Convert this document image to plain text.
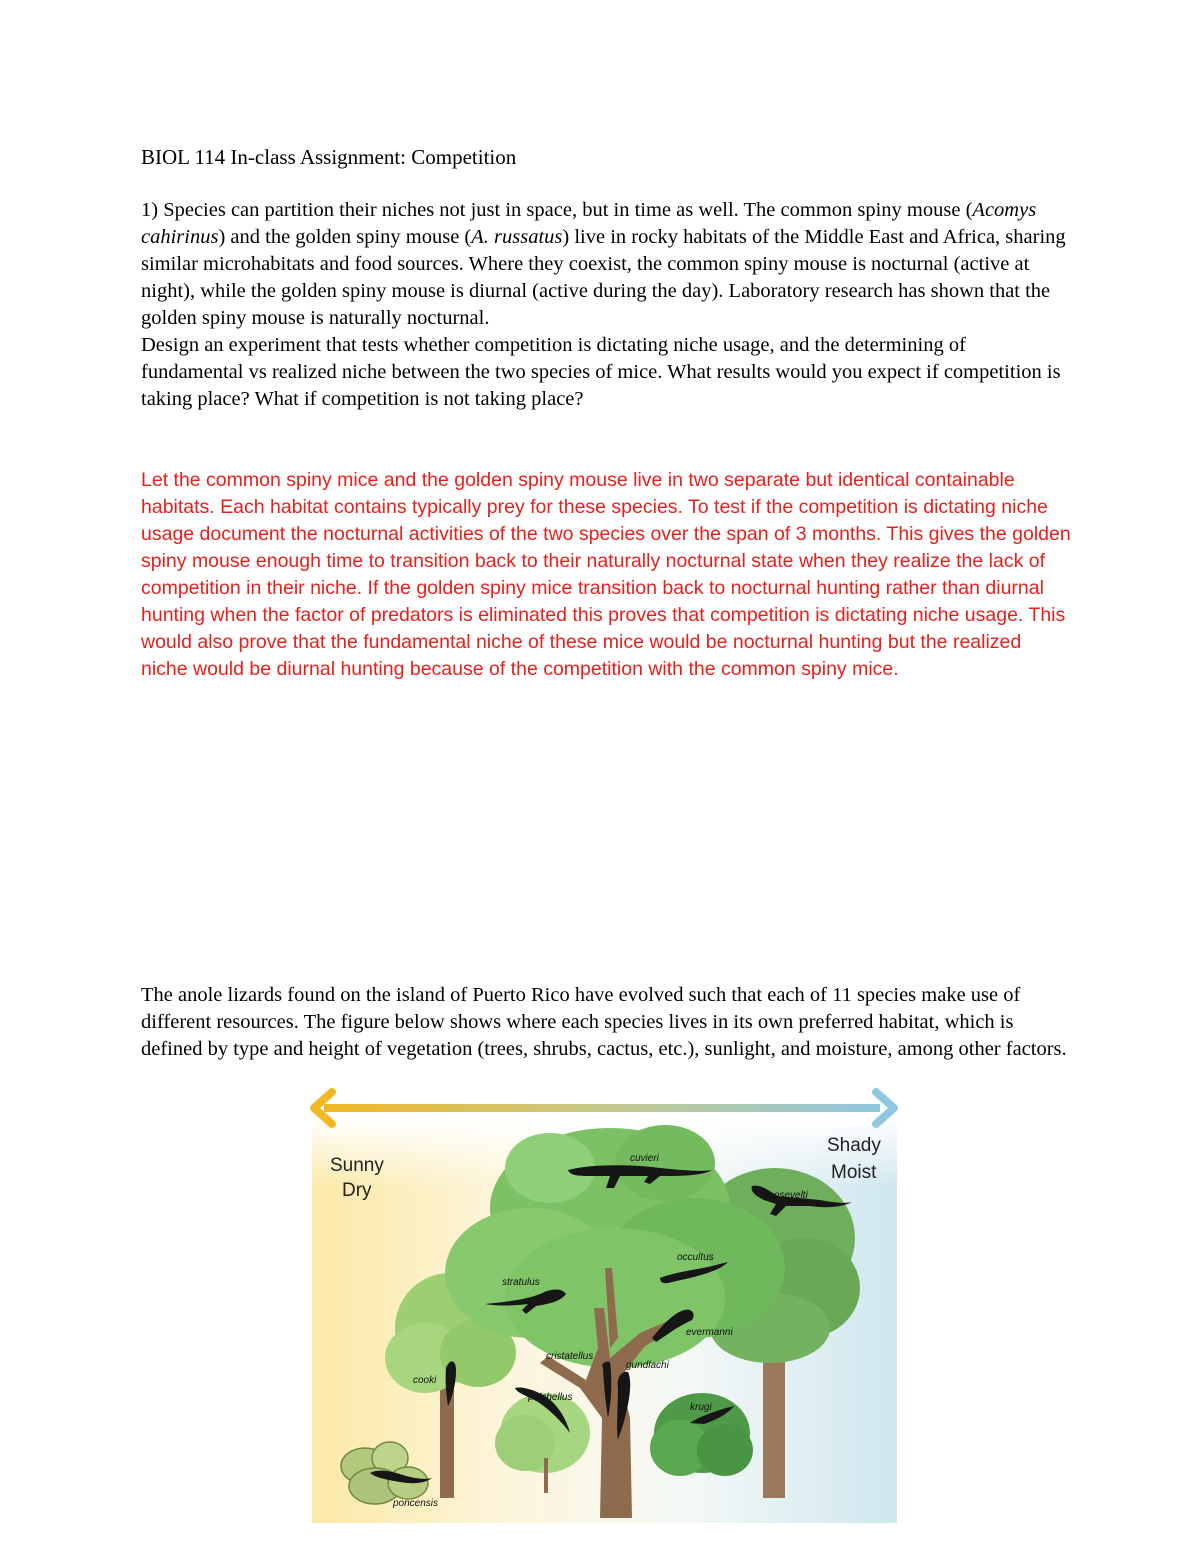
BIOL 114 In-class Assignment: Competition

1) Species can partition their niches not just in space, but in time as well. The common spiny mouse (Acomys cahirinus) and the golden spiny mouse (A. russatus) live in rocky habitats of the Middle East and Africa, sharing similar microhabitats and food sources. Where they coexist, the common spiny mouse is nocturnal (active at night), while the golden spiny mouse is diurnal (active during the day). Laboratory research has shown that the golden spiny mouse is naturally nocturnal.

Design an experiment that tests whether competition is dictating niche usage, and the determining of fundamental vs realized niche between the two species of mice. What results would you expect if competition is taking place? What if competition is not taking place?

Let the common spiny mice and the golden spiny mouse live in two separate but identical containable habitats. Each habitat contains typically prey for these species. To test if the competition is dictating niche usage document the nocturnal activities of the two species over the span of 3 months. This gives the golden spiny mouse enough time to transition back to their naturally nocturnal state when they realize the lack of competition in their niche. If the golden spiny mice transition back to nocturnal hunting rather than diurnal hunting when the factor of predators is eliminated this proves that competition is dictating niche usage. This would also prove that the fundamental niche of these mice would be nocturnal hunting but the realized niche would be diurnal hunting because of the competition with the common spiny mice.

The anole lizards found on the island of Puerto Rico have evolved such that each of 11 species make use of different resources. The figure below shows where each species lives in its own preferred habitat, which is defined by type and height of vegetation (trees, shrubs, cactus, etc.), sunlight, and moisture, among other factors.

Sunny
Dry
Shady
Moist
cuvieri
roosevelti
occultus
stratulus
evermanni
cristatellus
gundlachi
cooki
pulchellus
krugi
poncensis
